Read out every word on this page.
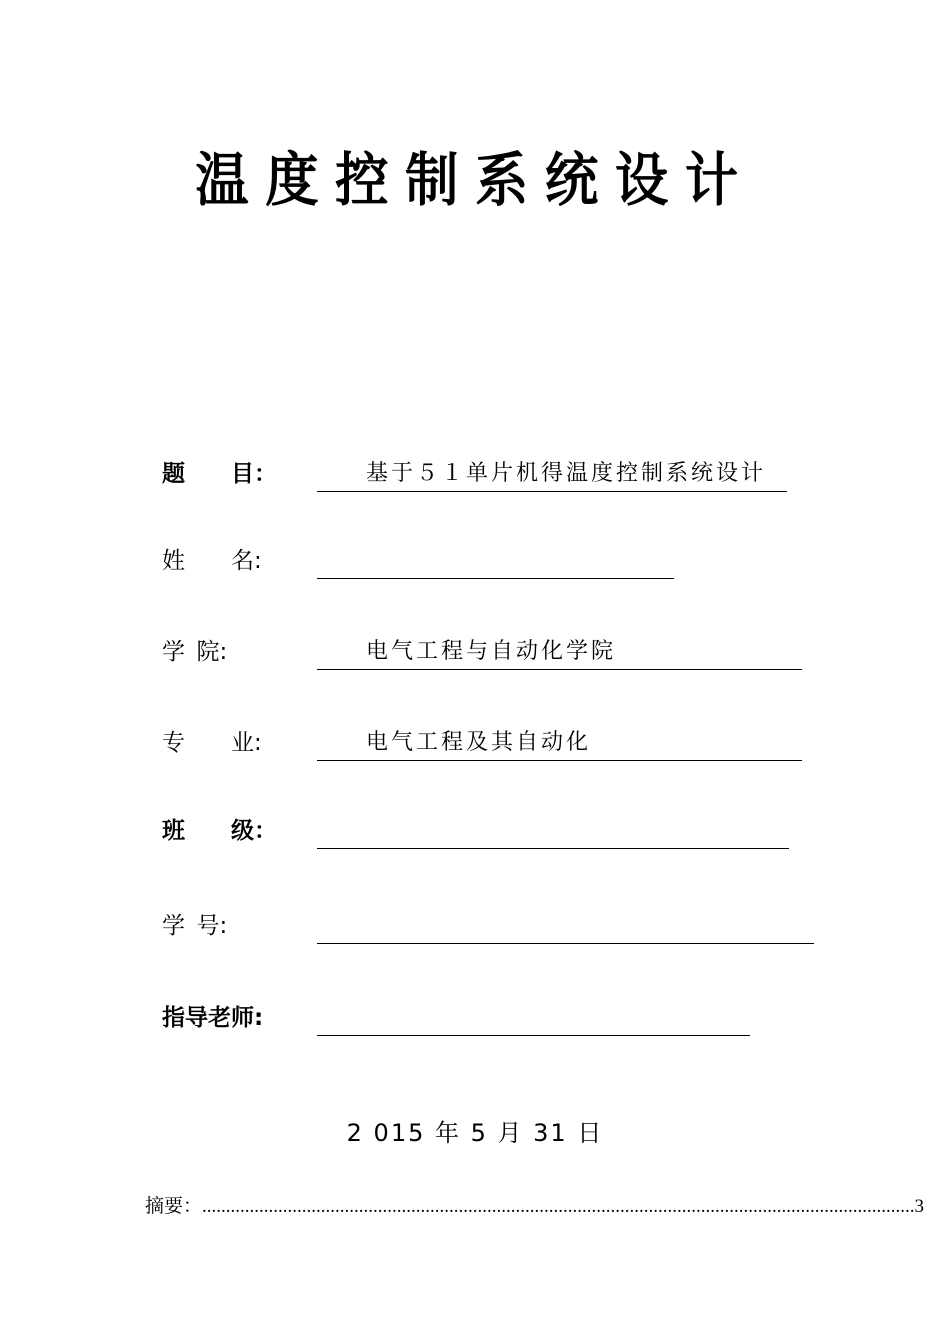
温度控制系统设计
题　　目：	基于５１单片机得温度控制系统设计
姓　　名:
学 院:	电气工程与自动化学院
专　　业:	电气工程及其自动化
班　　级：
学 号:
指导老师:
2 015 年 5 月 31 日
摘要： ...................................................................................................................................................... 3
